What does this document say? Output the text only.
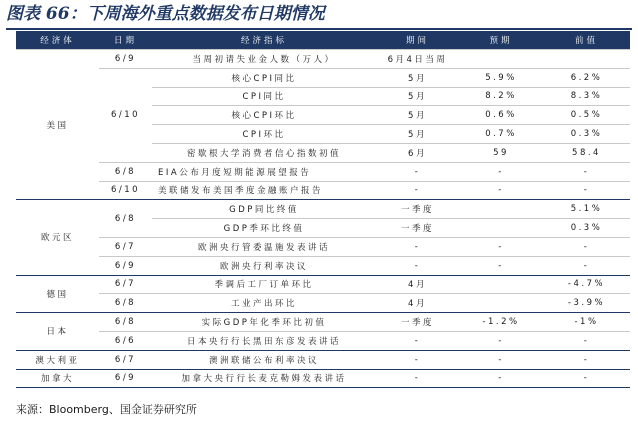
图表 66：下周海外重点数据发布日期情况
经济体	日期	经济指标	期间	预期	前值
美国	6/9	当周初请失业金人数（万人）	6月4日当周		
	6/10	核心CPI同比	5月	5.9%	6.2%
		CPI同比	5月	8.2%	8.3%
		核心CPI环比	5月	0.6%	0.5%
		CPI环比	5月	0.7%	0.3%
		密歇根大学消费者信心指数初值	6月	59	58.4
	6/8	EIA公布月度短期能源展望报告	-	-	-
	6/10	美联储发布美国季度金融账户报告	-	-	-
欧元区	6/8	GDP同比终值	一季度		5.1%
		GDP季环比终值	一季度		0.3%
	6/7	欧洲央行管委温施发表讲话	-	-	-
	6/9	欧洲央行利率决议	-	-	-
德国	6/7	季调后工厂订单环比	4月		-4.7%
	6/8	工业产出环比	4月		-3.9%
日本	6/8	实际GDP年化季环比初值	一季度	-1.2%	-1%
	6/6	日本央行行长黑田东彦发表讲话	-	-	-
澳大利亚	6/7	澳洲联储公布利率决议	-	-	-
加拿大	6/9	加拿大央行行长麦克勒姆发表讲话	-	-	-
来源：Bloomberg、国金证券研究所
